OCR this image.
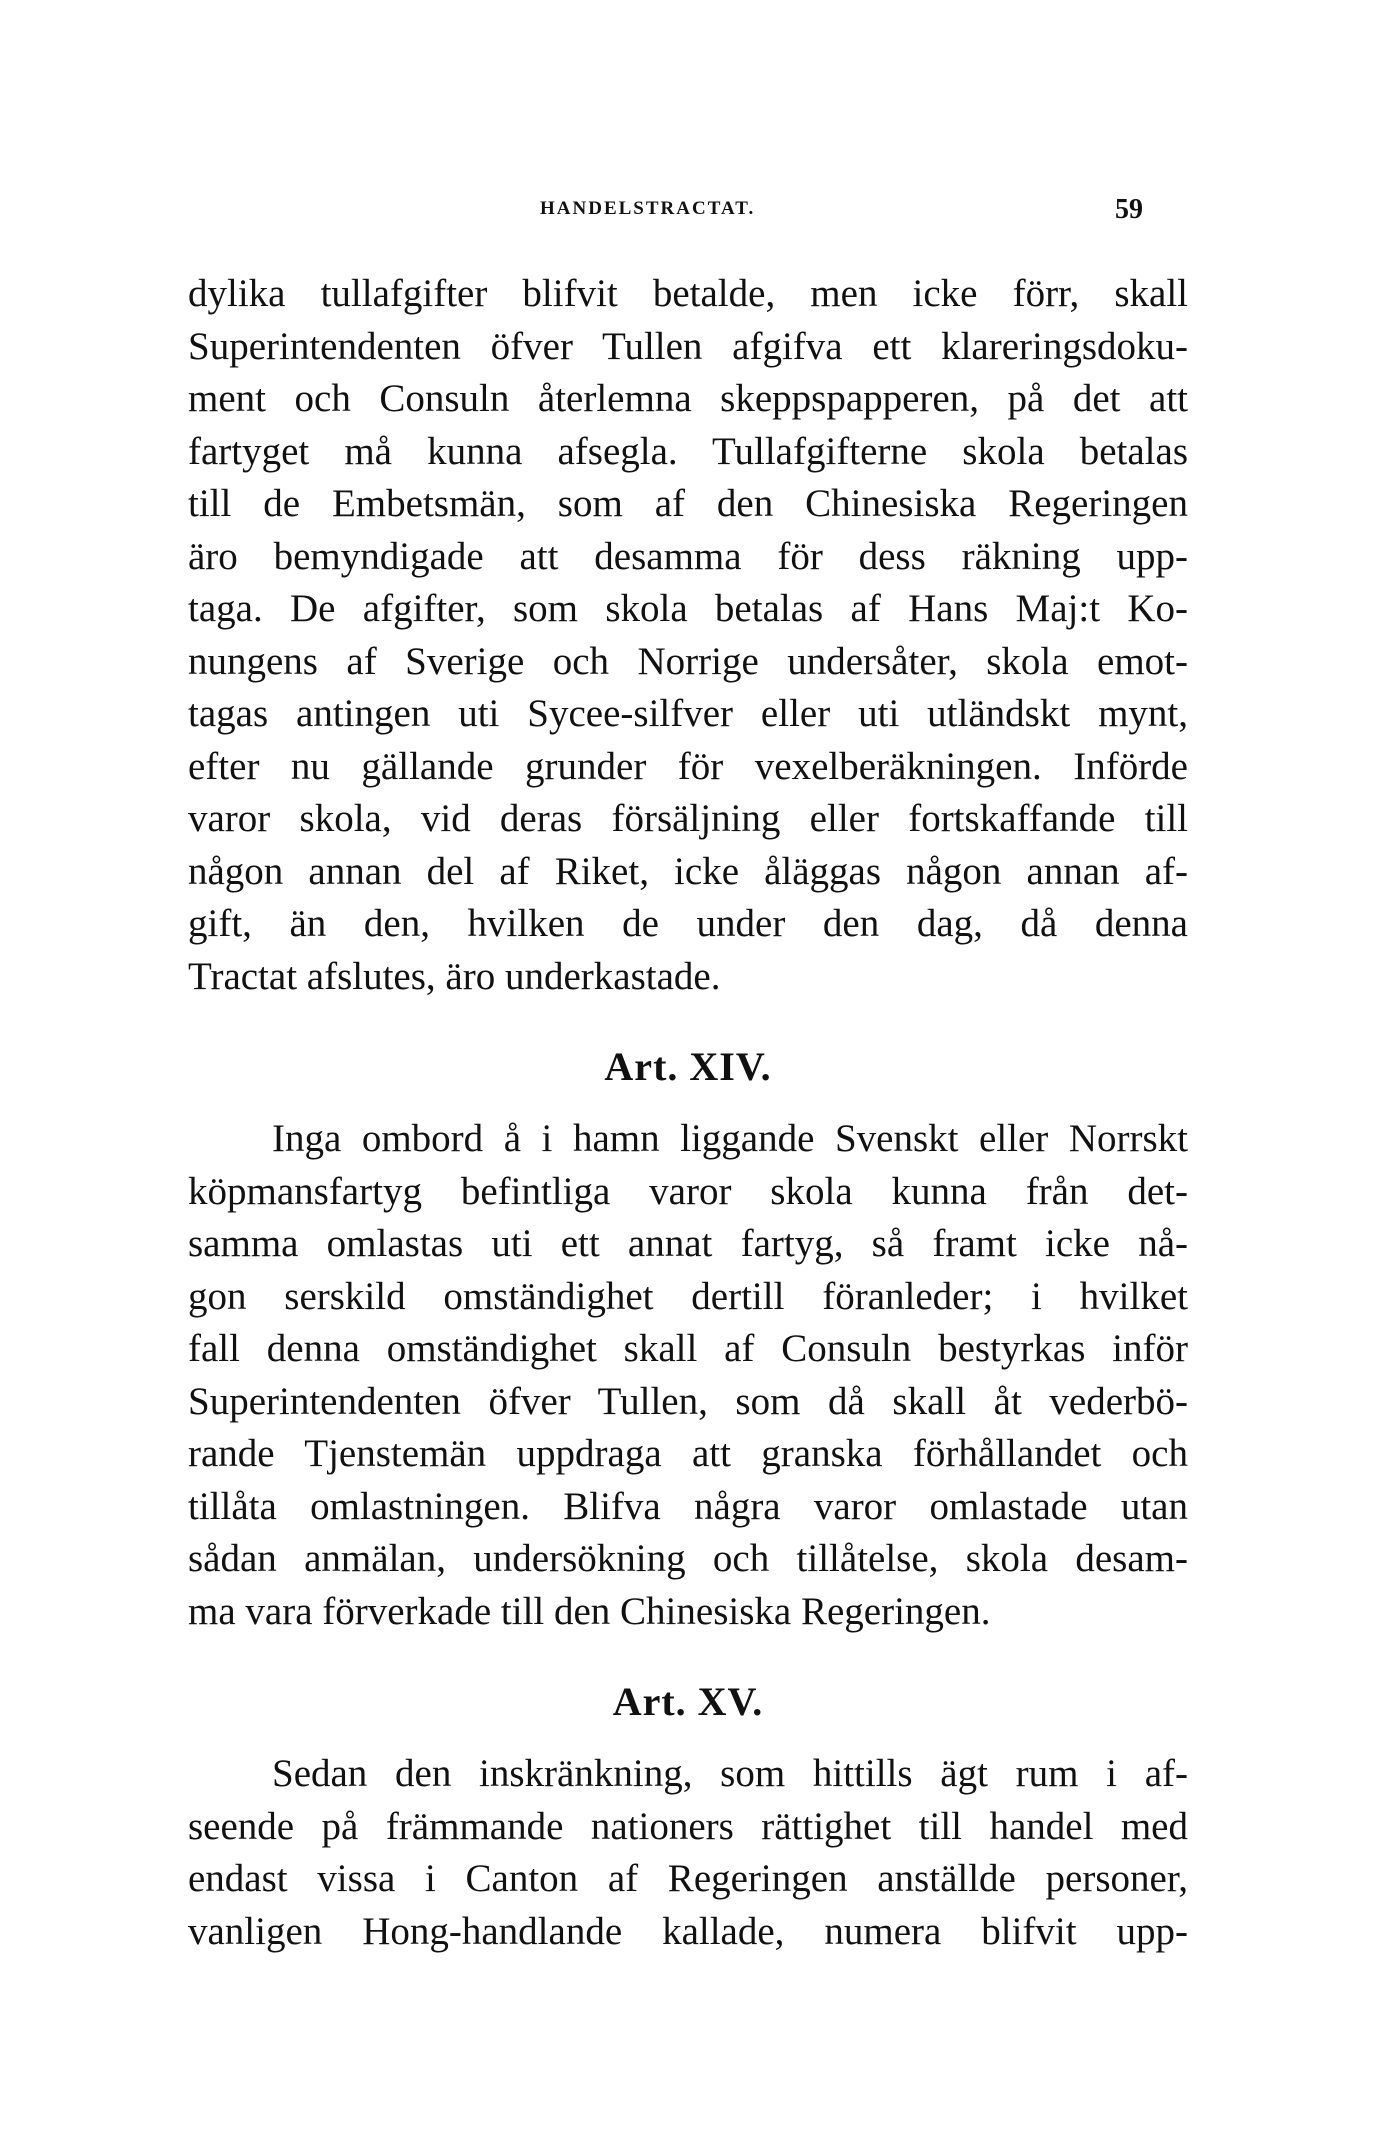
HANDELSTRACTAT.	59
dylika tullafgifter blifvit betalde, men icke förr, skall
Superintendenten öfver Tullen afgifva ett klareringsdoku-
ment och Consuln återlemna skeppspapperen, på det att
fartyget må kunna afsegla. Tullafgifterne skola betalas
till de Embetsmän, som af den Chinesiska Regeringen
äro bemyndigade att desamma för dess räkning upp-
taga. De afgifter, som skola betalas af Hans Maj:t Ko-
nungens af Sverige och Norrige undersåter, skola emot-
tagas antingen uti Sycee-silfver eller uti utländskt mynt,
efter nu gällande grunder för vexelberäkningen. Införde
varor skola, vid deras försäljning eller fortskaffande till
någon annan del af Riket, icke åläggas någon annan af-
gift, än den, hvilken de under den dag, då denna
Tractat afslutes, äro underkastade.
Art. XIV.
Inga ombord å i hamn liggande Svenskt eller Norrskt
köpmansfartyg befintliga varor skola kunna från det-
samma omlastas uti ett annat fartyg, så framt icke nå-
gon serskild omständighet dertill föranleder; i hvilket
fall denna omständighet skall af Consuln bestyrkas inför
Superintendenten öfver Tullen, som då skall åt vederbö-
rande Tjenstemän uppdraga att granska förhållandet och
tillåta omlastningen. Blifva några varor omlastade utan
sådan anmälan, undersökning och tillåtelse, skola desam-
ma vara förverkade till den Chinesiska Regeringen.
Art. XV.
Sedan den inskränkning, som hittills ägt rum i af-
seende på främmande nationers rättighet till handel med
endast vissa i Canton af Regeringen anställde personer,
vanligen Hong-handlande kallade, numera blifvit upp-
